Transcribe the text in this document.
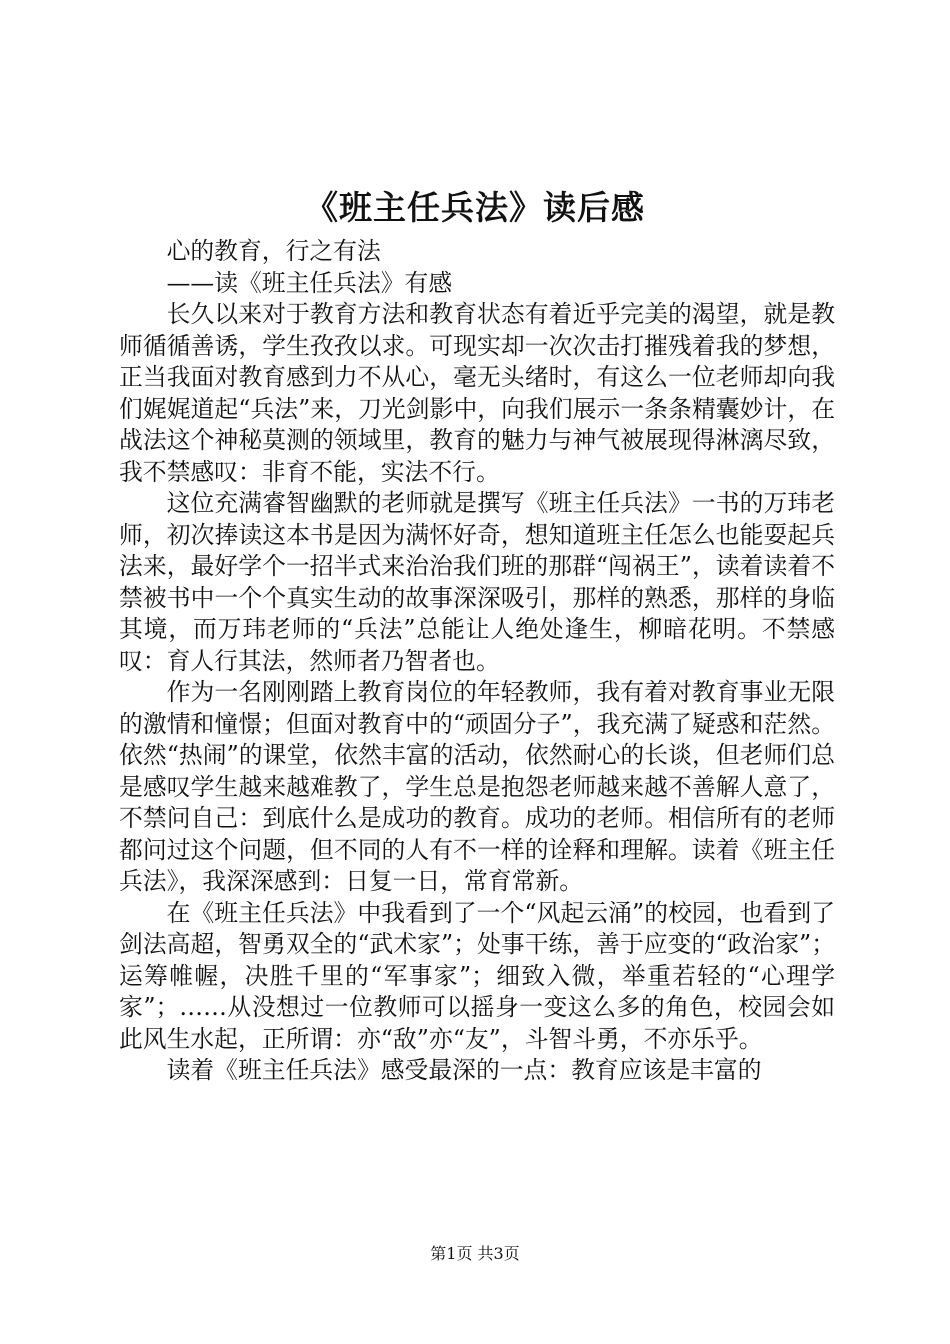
《班主任兵法》读后感

心的教育，行之有法

——读《班主任兵法》有感

长久以来对于教育方法和教育状态有着近乎完美的渴望，就是教师循循善诱，学生孜孜以求。可现实却一次次击打摧残着我的梦想，正当我面对教育感到力不从心，毫无头绪时，有这么一位老师却向我们娓娓道起“兵法”来，刀光剑影中，向我们展示一条条精囊妙计，在战法这个神秘莫测的领域里，教育的魅力与神气被展现得淋漓尽致，我不禁感叹：非育不能，实法不行。

这位充满睿智幽默的老师就是撰写《班主任兵法》一书的万玮老师，初次捧读这本书是因为满怀好奇，想知道班主任怎么也能耍起兵法来，最好学个一招半式来治治我们班的那群“闯祸王”，读着读着不禁被书中一个个真实生动的故事深深吸引，那样的熟悉，那样的身临其境，而万玮老师的“兵法”总能让人绝处逢生，柳暗花明。不禁感叹：育人行其法，然师者乃智者也。

作为一名刚刚踏上教育岗位的年轻教师，我有着对教育事业无限的激情和憧憬；但面对教育中的“顽固分子”，我充满了疑惑和茫然。依然“热闹”的课堂，依然丰富的活动，依然耐心的长谈，但老师们总是感叹学生越来越难教了，学生总是抱怨老师越来越不善解人意了，不禁问自己：到底什么是成功的教育。成功的老师。相信所有的老师都问过这个问题，但不同的人有不一样的诠释和理解。读着《班主任兵法》，我深深感到：日复一日，常育常新。

在《班主任兵法》中我看到了一个“风起云涌”的校园，也看到了剑法高超，智勇双全的“武术家”；处事干练，善于应变的“政治家”；运筹帷幄，决胜千里的“军事家”；细致入微，举重若轻的“心理学家”；……从没想过一位教师可以摇身一变这么多的角色，校园会如此风生水起，正所谓：亦“敌”亦“友”，斗智斗勇，不亦乐乎。

读着《班主任兵法》感受最深的一点：教育应该是丰富的

第1页 共3页
